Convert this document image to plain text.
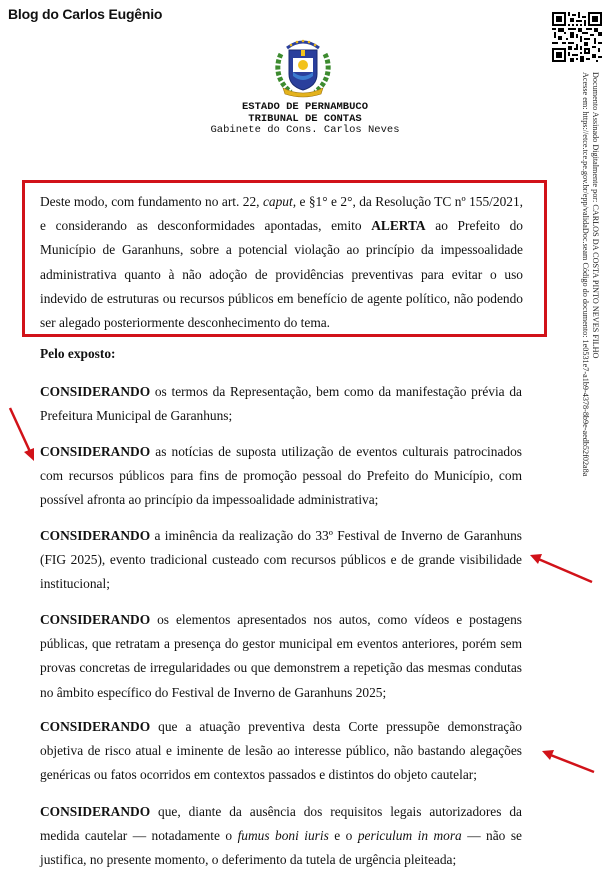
Blog do Carlos Eugênio
Documento Assinado Digitalmente por: CARLOS DA COSTA PINTO NEVES FILHO
Acesse em: https://etce.tce.pe.gov.br/epp/validaDoc.seam Código do documento: 1e0531e7-a1b9-4378-8b9e-aedb52f02a8a
ESTADO DE PERNAMBUCO
TRIBUNAL DE CONTAS
Gabinete do Cons. Carlos Neves
Deste modo, com fundamento no art. 22, caput, e §1° e 2°, da Resolução TC nº 155/2021, e considerando as desconformidades apontadas, emito ALERTA ao Prefeito do Município de Garanhuns, sobre a potencial violação ao princípio da impessoalidade administrativa quanto à não adoção de providências preventivas para evitar o uso indevido de estruturas ou recursos públicos em benefício de agente político, não podendo ser alegado posteriormente desconhecimento do tema.
Pelo exposto:
CONSIDERANDO os termos da Representação, bem como da manifestação prévia da Prefeitura Municipal de Garanhuns;
CONSIDERANDO as notícias de suposta utilização de eventos culturais patrocinados com recursos públicos para fins de promoção pessoal do Prefeito do Município, com possível afronta ao princípio da impessoalidade administrativa;
CONSIDERANDO a iminência da realização do 33º Festival de Inverno de Garanhuns (FIG 2025), evento tradicional custeado com recursos públicos e de grande visibilidade institucional;
CONSIDERANDO os elementos apresentados nos autos, como vídeos e postagens públicas, que retratam a presença do gestor municipal em eventos anteriores, porém sem provas concretas de irregularidades ou que demonstrem a repetição das mesmas condutas no âmbito específico do Festival de Inverno de Garanhuns 2025;
CONSIDERANDO que a atuação preventiva desta Corte pressupõe demonstração objetiva de risco atual e iminente de lesão ao interesse público, não bastando alegações genéricas ou fatos ocorridos em contextos passados e distintos do objeto cautelar;
CONSIDERANDO que, diante da ausência dos requisitos legais autorizadores da medida cautelar — notadamente o fumus boni iuris e o periculum in mora — não se justifica, no presente momento, o deferimento da tutela de urgência pleiteada;
